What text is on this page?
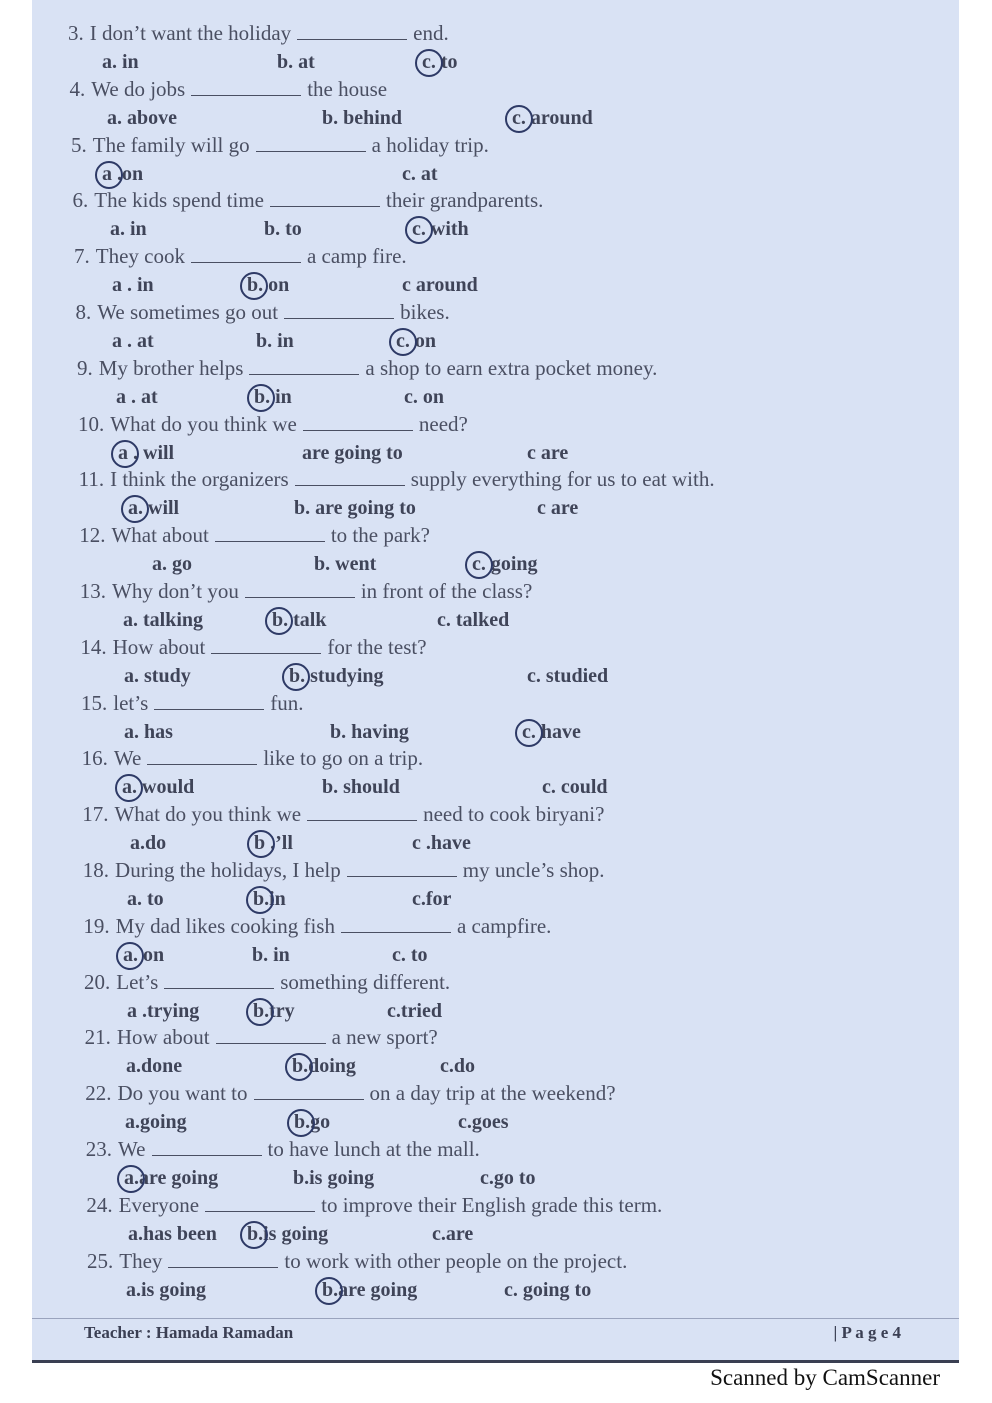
3. I don’t want the holiday	end.
a. in	b. at	c. to
4. We do jobs	the house
a. above	b. behind	c. around
5. The family will go	a holiday trip.
a .on	c. at
6. The kids spend time	their grandparents.
a. in	b. to	c. with
7. They cook	a camp fire.
a . in	b. on	c around
8. We sometimes go out	bikes.
a . at	b. in	c. on
9. My brother helps	a shop to earn extra pocket money.
a . at	b. in	c. on
10. What do you think we	need?
a . will	are going to	c are
11. I think the organizers	supply everything for us to eat with.
a. will	b. are going to	c are
12. What about	to the park?
a. go	b. went	c. going
13. Why don’t you	in front of the class?
a. talking	b. talk	c. talked
14. How about	for the test?
a. study	b. studying	c. studied
15. let’s	fun.
a. has	b. having	c. have
16. We	like to go on a trip.
a. would	b. should	c. could
17. What do you think we	need to cook biryani?
a.do	b .’ll	c .have
18. During the holidays, I help	my uncle’s shop.
a. to	b.in	c.for
19. My dad likes cooking fish	a campfire.
a. on	b. in	c. to
20. Let’s	something different.
a .trying	b.try	c.tried
21. How about	a new sport?
a.done	b.doing	c.do
22. Do you want to	on a day trip at the weekend?
a.going	b.go	c.goes
23. We	to have lunch at the mall.
a.are going	b.is going	c.go to
24. Everyone	to improve their English grade this term.
a.has been b.is going	c.are
25. They	to work with other people on the project.
a.is going	b.are going	c. going to
Teacher : Hamada Ramadan	| P a g e 4
Scanned by CamScanner
